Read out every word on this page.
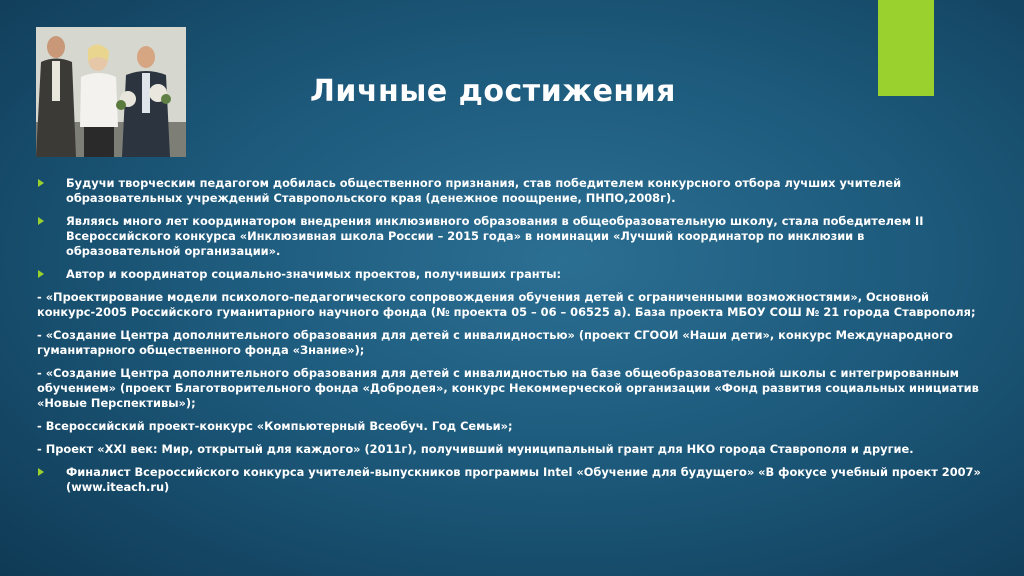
Личные достижения
Будучи творческим педагогом добилась общественного признания, став победителем конкурсного отбора лучших учителей образовательных учреждений Ставропольского края (денежное поощрение, ПНПО,2008г).
Являясь много лет координатором внедрения инклюзивного образования в общеобразовательную школу, стала победителем II Всероссийского конкурса «Инклюзивная школа России – 2015 года» в номинации «Лучший координатор по инклюзии в образовательной организации».
Автор и координатор социально-значимых проектов, получивших гранты:
- «Проектирование модели психолого-педагогического сопровождения обучения детей с ограниченными возможностями», Основной конкурс-2005 Российского гуманитарного научного фонда (№ проекта 05 – 06 – 06525 а). База проекта МБОУ СОШ № 21 города Ставрополя;
- «Создание Центра дополнительного образования для детей с инвалидностью» (проект СГООИ «Наши дети», конкурс Международного гуманитарного общественного фонда «Знание»);
- «Создание Центра дополнительного образования для детей с инвалидностью на базе общеобразовательной школы с интегрированным обучением» (проект Благотворительного фонда «Добродея», конкурс Некоммерческой организации «Фонд развития социальных инициатив «Новые Перспективы»);
- Всероссийский проект-конкурс «Компьютерный Всеобуч. Год Семьи»;
- Проект «XXI век: Мир, открытый для каждого» (2011г), получивший муниципальный грант для НКО города Ставрополя и другие.
Финалист Всероссийского конкурса учителей-выпускников программы Intel «Обучение для будущего» «В фокусе учебный проект 2007» (www.iteach.ru)
